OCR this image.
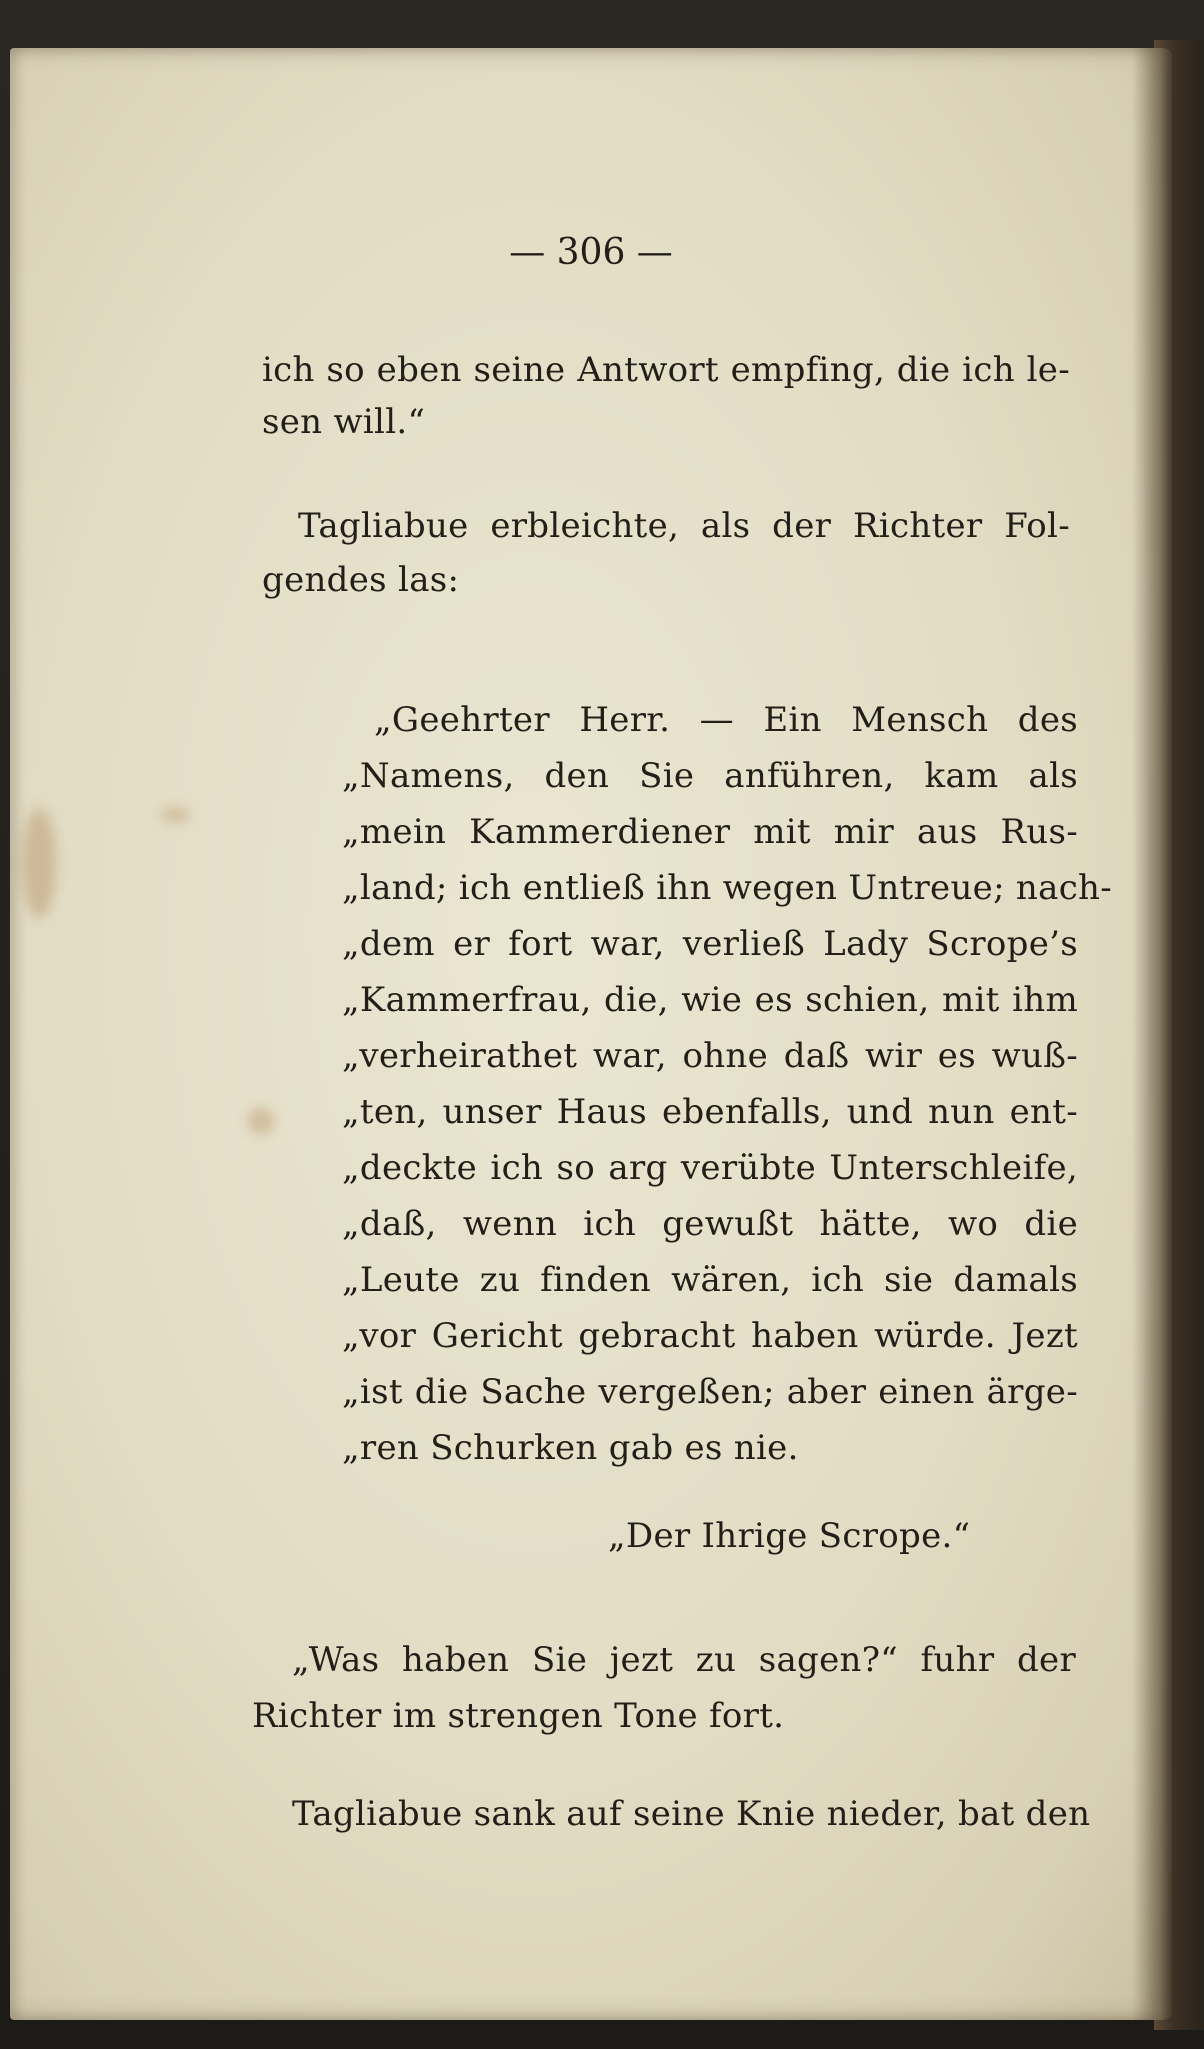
— 306 —
ich so eben seine Antwort empfing, die ich le-
sen will.“
Tagliabue erbleichte, als der Richter Fol-
gendes las:
„Geehrter Herr. — Ein Mensch des
„Namens, den Sie anführen, kam als
„mein Kammerdiener mit mir aus Rus-
„land; ich entließ ihn wegen Untreue; nach-
„dem er fort war, verließ Lady Scrope’s
„Kammerfrau, die, wie es schien, mit ihm
„verheirathet war, ohne daß wir es wuß-
„ten, unser Haus ebenfalls, und nun ent-
„deckte ich so arg verübte Unterschleife,
„daß, wenn ich gewußt hätte, wo die
„Leute zu finden wären, ich sie damals
„vor Gericht gebracht haben würde. Jezt
„ist die Sache vergeßen; aber einen ärge-
„ren Schurken gab es nie.
„Der Ihrige Scrope.“
„Was haben Sie jezt zu sagen?“ fuhr der
Richter im strengen Tone fort.
Tagliabue sank auf seine Knie nieder, bat den
